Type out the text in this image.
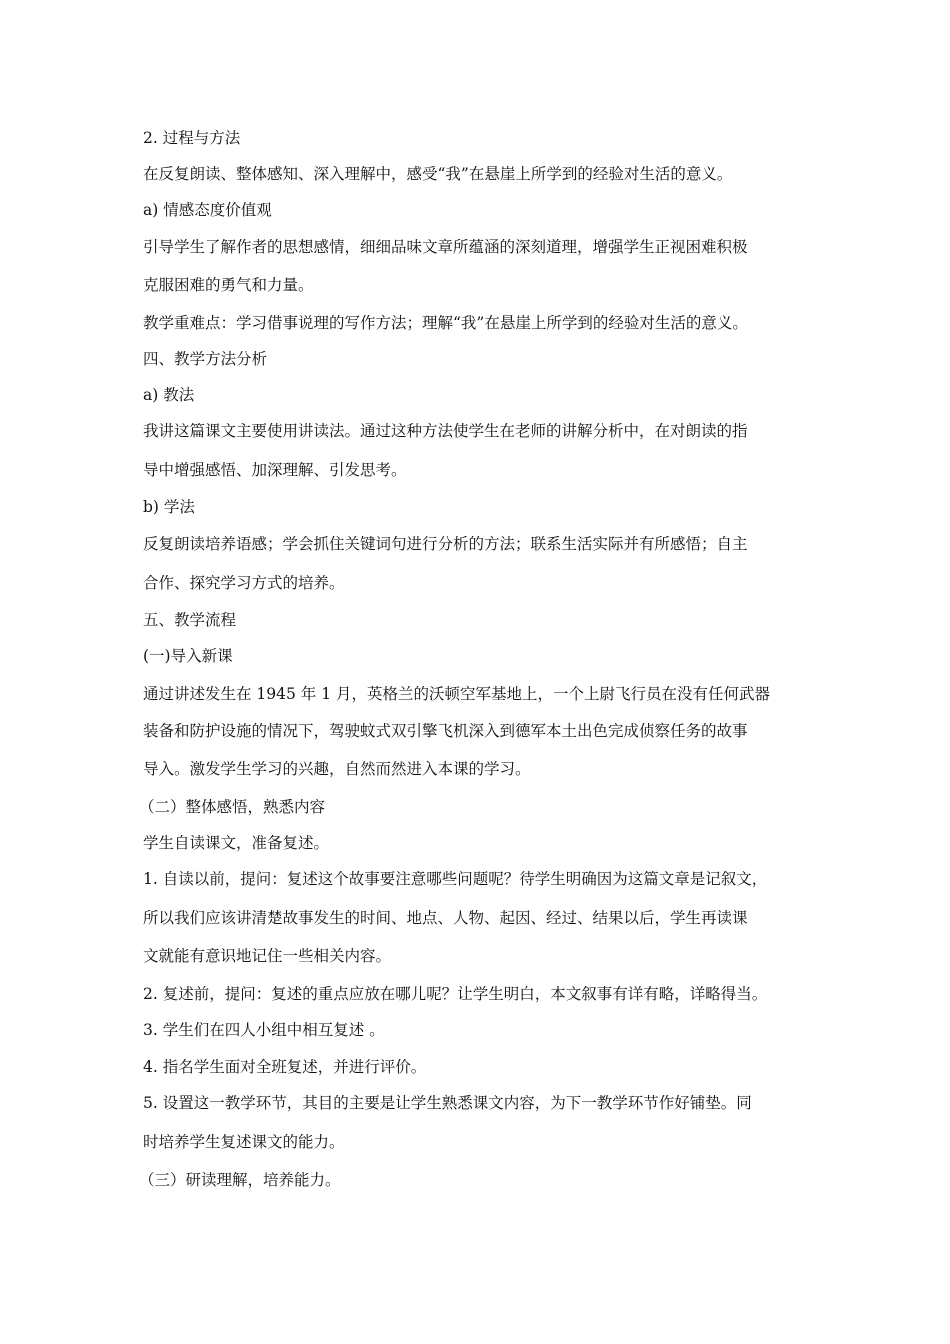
2. 过程与方法
在反复朗读、整体感知、深入理解中，感受“我”在悬崖上所学到的经验对生活的意义。
a) 情感态度价值观
引导学生了解作者的思想感情，细细品味文章所蕴涵的深刻道理，增强学生正视困难积极
克服困难的勇气和力量。
教学重难点：学习借事说理的写作方法；理解“我”在悬崖上所学到的经验对生活的意义。
四、教学方法分析
a) 教法
我讲这篇课文主要使用讲读法。通过这种方法使学生在老师的讲解分析中，在对朗读的指
导中增强感悟、加深理解、引发思考。
b) 学法
反复朗读培养语感；学会抓住关键词句进行分析的方法；联系生活实际并有所感悟；自主
合作、探究学习方式的培养。
五、教学流程
(一)导入新课
通过讲述发生在 1945 年 1 月，英格兰的沃顿空军基地上，一个上尉飞行员在没有任何武器
装备和防护设施的情况下，驾驶蚊式双引擎飞机深入到德军本土出色完成侦察任务的故事
导入。激发学生学习的兴趣，自然而然进入本课的学习。
（二）整体感悟，熟悉内容
学生自读课文，准备复述。
1. 自读以前，提问：复述这个故事要注意哪些问题呢？待学生明确因为这篇文章是记叙文，
所以我们应该讲清楚故事发生的时间、地点、人物、起因、经过、结果以后，学生再读课
文就能有意识地记住一些相关内容。
2. 复述前，提问：复述的重点应放在哪儿呢？让学生明白，本文叙事有详有略，详略得当。
3. 学生们在四人小组中相互复述 。
4. 指名学生面对全班复述，并进行评价。
5. 设置这一教学环节，其目的主要是让学生熟悉课文内容，为下一教学环节作好铺垫。同
时培养学生复述课文的能力。
（三）研读理解，培养能力。
